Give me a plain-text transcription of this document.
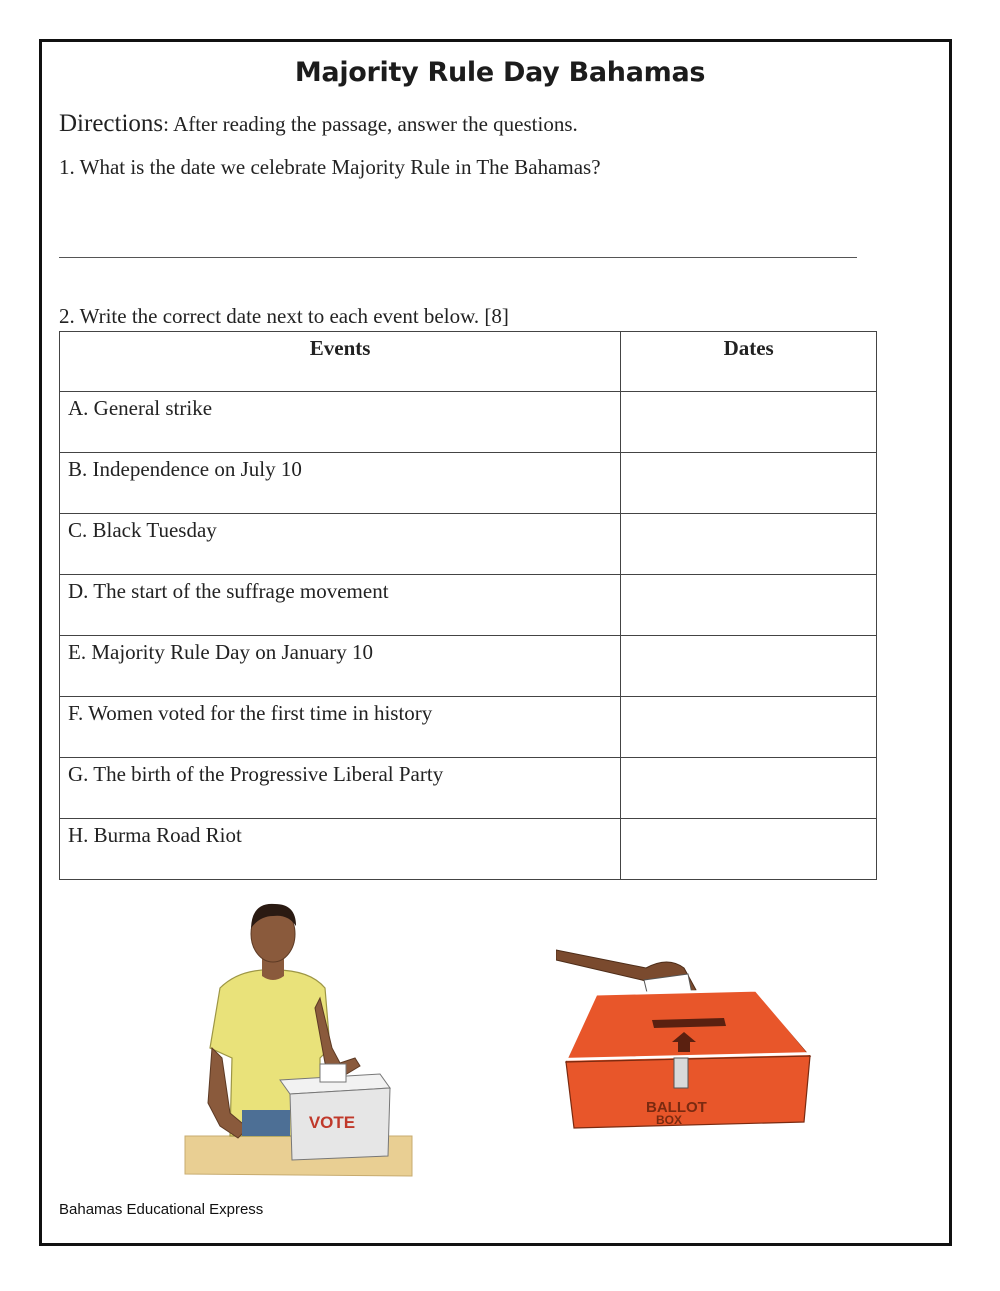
Majority Rule Day Bahamas
Directions: After reading the passage, answer the questions.
1. What is the date we celebrate Majority Rule in The Bahamas?
2. Write the correct date next to each event below. [8]
Events	Dates
A. General strike	
B. Independence on July 10	
C. Black Tuesday	
D. The start of the suffrage movement	
E. Majority Rule Day on January 10	
F. Women voted for the first time in history	
G. The birth of the Progressive Liberal Party	
H. Burma Road Riot	
VOTE
BALLOT
BOX
Bahamas Educational Express
